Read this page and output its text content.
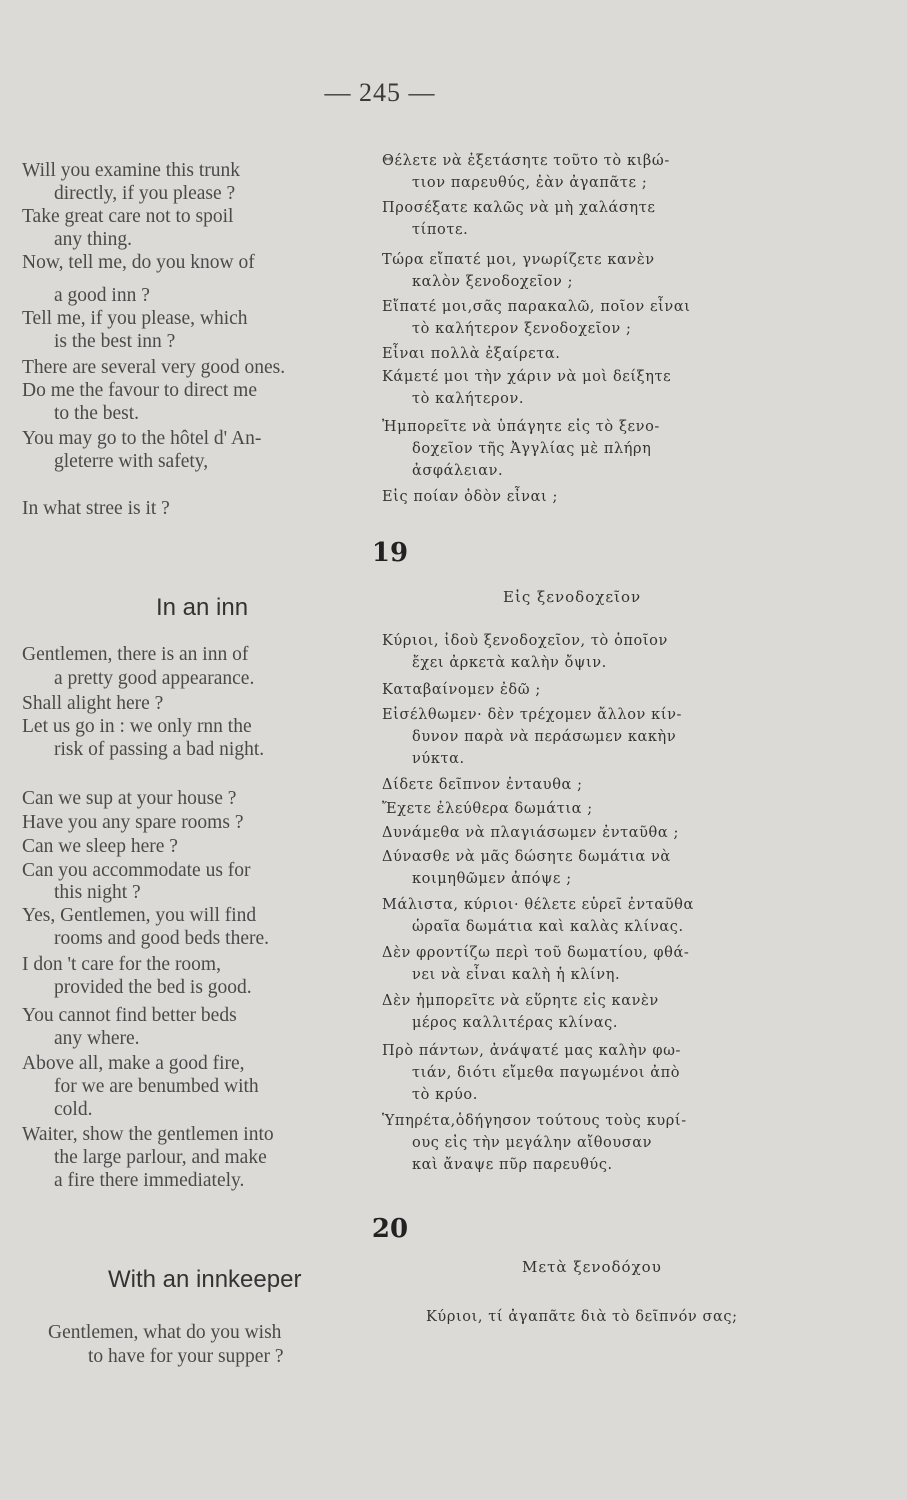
— 245 —
Will you examine this trunk
directly, if you please ?
Take great care not to spoil
any thing.
Now, tell me, do you know of
a good inn ?
Tell me, if you please, which
is the best inn ?
There are several very good ones.
Do me the favour to direct me
to the best.
You may go to the hôtel d' An-
gleterre with safety,
In what stree is it ?
Θέλετε νὰ ἐξετάσητε τοῦτο τὸ κιβώ-
τιον παρευθύς, ἐὰν ἀγαπᾶτε ;
Προσέξατε καλῶς νὰ μὴ χαλάσητε
τίποτε.
Τώρα εἴπατέ μοι, γνωρίζετε κανὲν
καλὸν ξενοδοχεῖον ;
Εἴπατέ μοι,σᾶς παρακαλῶ, ποῖον εἶναι
τὸ καλήτερον ξενοδοχεῖον ;
Εἶναι πολλὰ ἐξαίρετα.
Κάμετέ μοι τὴν χάριν νὰ μοὶ δείξητε
τὸ καλήτερον.
Ἠμπορεῖτε νὰ ὑπάγητε εἰς τὸ ξενο-
δοχεῖον τῆς Ἀγγλίας μὲ πλήρη
ἀσφάλειαν.
Εἰς ποίαν ὁδὸν εἶναι ;
19
In an inn	Εἰς ξενοδοχεῖον
Gentlemen, there is an inn of
a pretty good appearance.
Shall alight here ?
Let us go in : we only rnn the
risk of passing a bad night.
Can we sup at your house ?
Have you any spare rooms ?
Can we sleep here ?
Can you accommodate us for
this night ?
Yes, Gentlemen, you will find
rooms and good beds there.
I don 't care for the room,
provided the bed is good.
You cannot find better beds
any where.
Above all, make a good fire,
for we are benumbed with
cold.
Waiter, show the gentlemen into
the large parlour, and make
a fire there immediately.
Κύριοι, ἰδοὺ ξενοδοχεῖον, τὸ ὁποῖον
ἔχει ἀρκετὰ καλὴν ὄψιν.
Καταβαίνομεν ἐδῶ ;
Εἰσέλθωμεν· δὲν τρέχομεν ἄλλον κίν-
δυνον παρὰ νὰ περάσωμεν κακὴν
νύκτα.
Δίδετε δεῖπνον ἐνταυθα ;
Ἔχετε ἐλεύθερα δωμάτια ;
Δυνάμεθα νὰ πλαγιάσωμεν ἐνταῦθα ;
Δύνασθε νὰ μᾶς δώσητε δωμάτια νὰ
κοιμηθῶμεν ἀπόψε ;
Μάλιστα, κύριοι· θέλετε εὑρεῖ ἐνταῦθα
ὡραῖα δωμάτια καὶ καλὰς κλίνας.
Δὲν φροντίζω περὶ τοῦ δωματίου, φθά-
νει νὰ εἶναι καλὴ ἡ κλίνη.
Δὲν ἠμπορεῖτε νὰ εὕρητε εἰς κανὲν
μέρος καλλιτέρας κλίνας.
Πρὸ πάντων, ἀνάψατέ μας καλὴν φω-
τιάν, διότι εἴμεθα παγωμένοι ἀπὸ
τὸ κρύο.
Ὑπηρέτα,ὁδήγησον τούτους τοὺς κυρί-
ους εἰς τὴν μεγάλην αἴθουσαν
καὶ ἄναψε πῦρ παρευθύς.
20
With an innkeeper	Μετὰ ξενοδόχου
Gentlemen, what do you wish
to have for your supper ?
Κύριοι, τί ἀγαπᾶτε διὰ τὸ δεῖπνόν σας;
